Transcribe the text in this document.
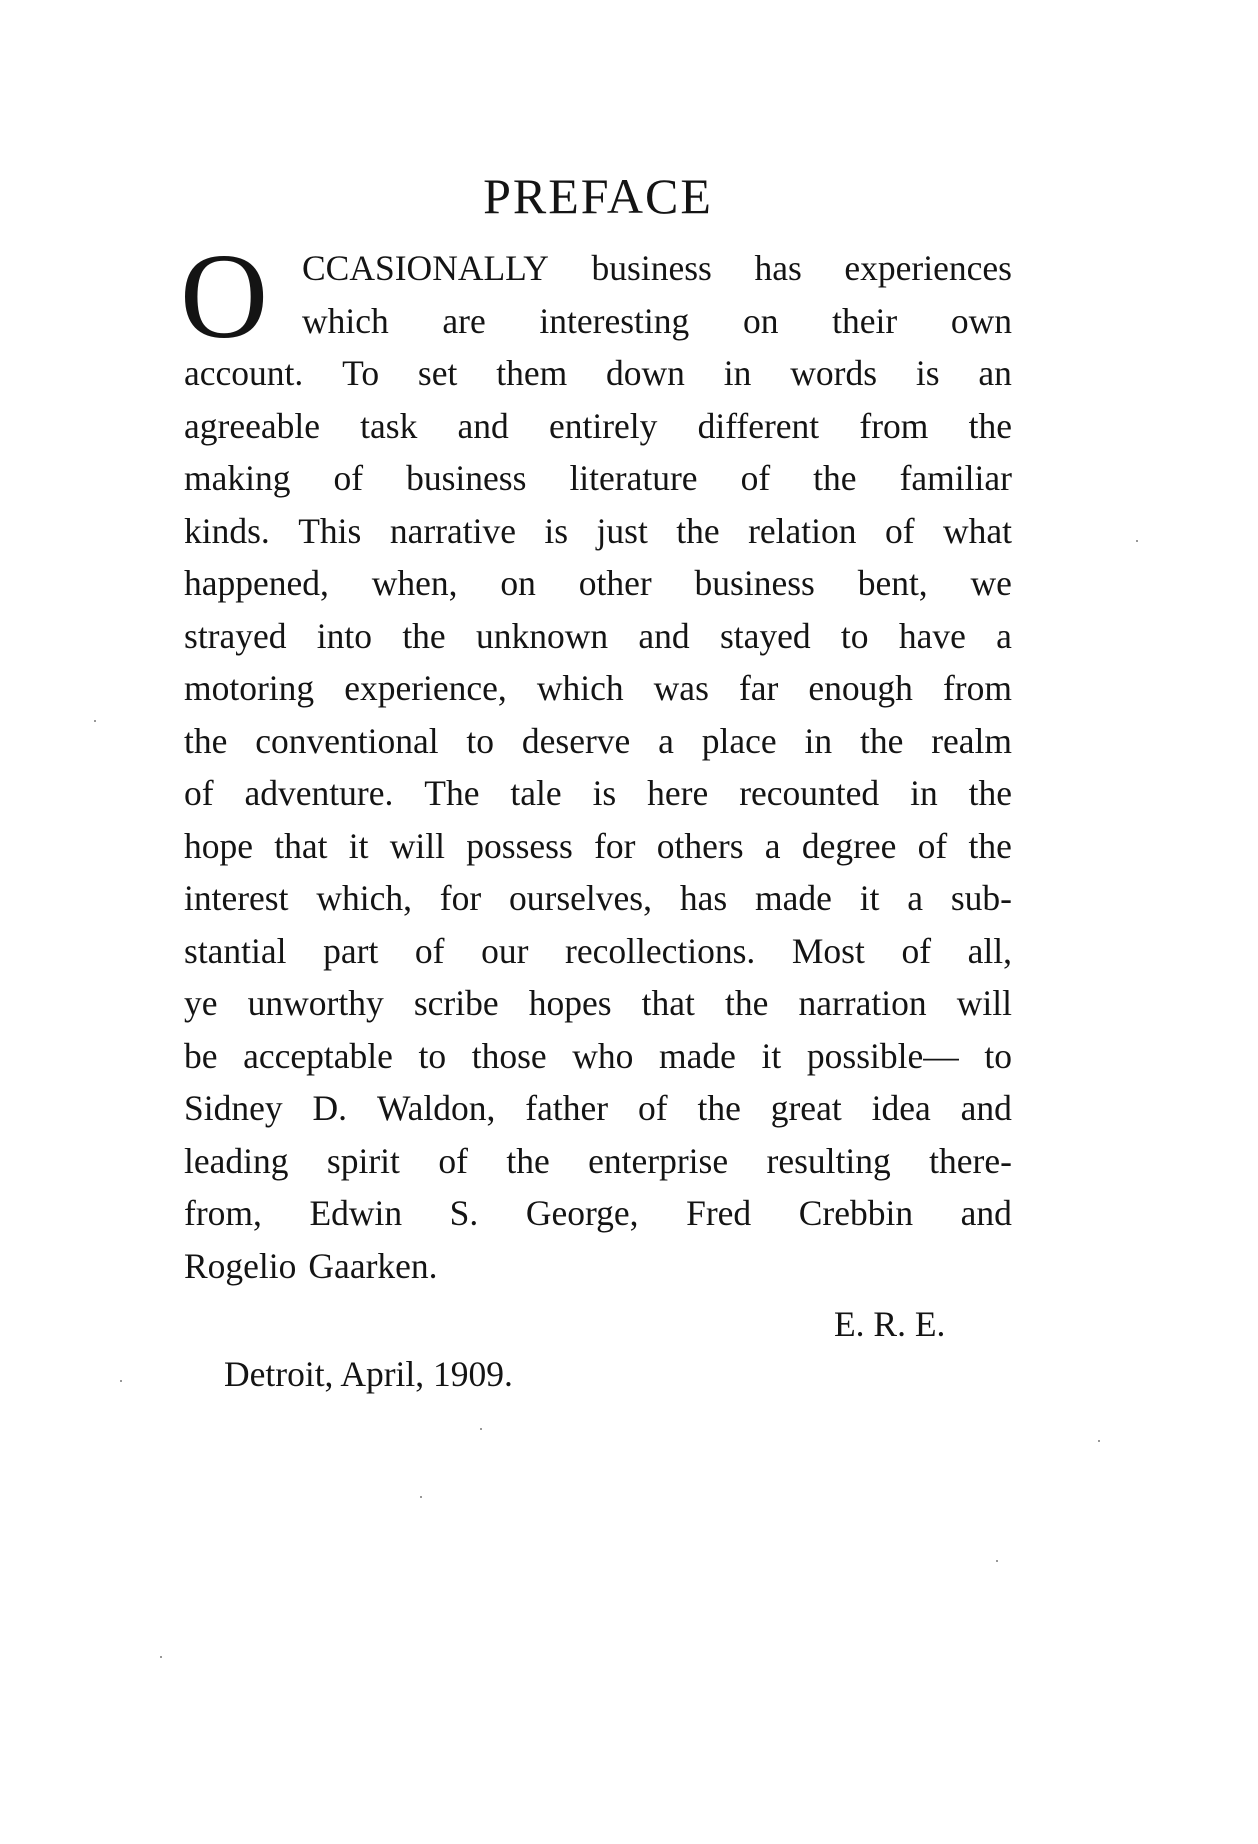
PREFACE
O CCASIONALLY business has experiences
which are interesting on their own
account. To set them down in words is an
agreeable task and entirely different from the
making of business literature of the familiar
kinds. This narrative is just the relation of what
happened, when, on other business bent, we
strayed into the unknown and stayed to have a
motoring experience, which was far enough from
the conventional to deserve a place in the realm
of adventure. The tale is here recounted in the
hope that it will possess for others a degree of the
interest which, for ourselves, has made it a sub-
stantial part of our recollections. Most of all,
ye unworthy scribe hopes that the narration will
be acceptable to those who made it possible— to
Sidney D. Waldon, father of the great idea and
leading spirit of the enterprise resulting there-
from, Edwin S. George, Fred Crebbin and
Rogelio Gaarken.
E. R. E.
Detroit, April, 1909.
